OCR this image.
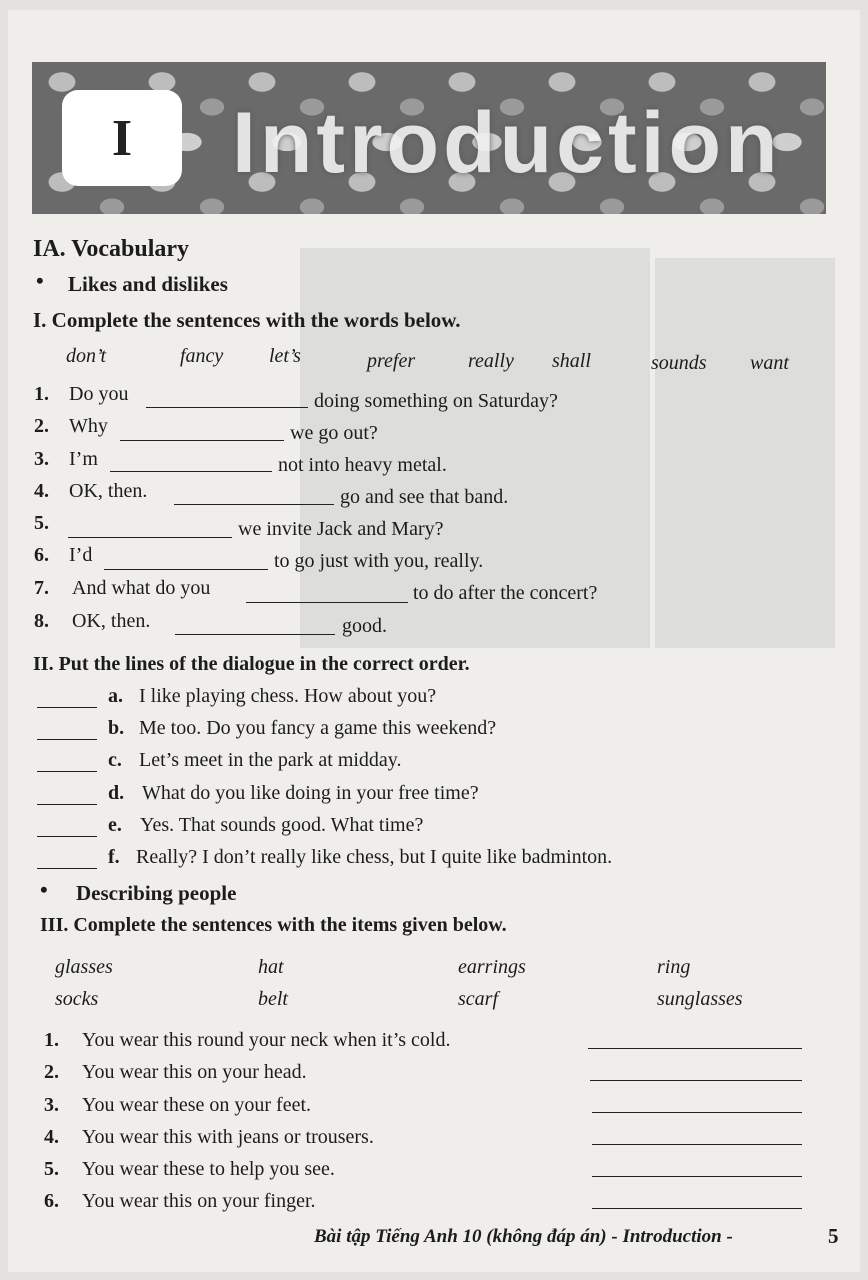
I	Introduction
IA. Vocabulary
• Likes and dislikes
I. Complete the sentences with the words below.
don’t	fancy let’s	prefer	really shall	sounds want
1. Do you	doing something on Saturday?
2. Why	we go out?
3. I’m	not into heavy metal.
4. OK, then.	go and see that band.
5.	we invite Jack and Mary?
6. I’d	to go just with you, really.
7. And what do you	to do after the concert?
8. OK, then.	good.
II. Put the lines of the dialogue in the correct order.
a. I like playing chess. How about you?
b. Me too. Do you fancy a game this weekend?
c. Let’s meet in the park at midday.
d. What do you like doing in your free time?
e. Yes. That sounds good. What time?
f. Really? I don’t really like chess, but I quite like badminton.
• Describing people
III. Complete the sentences with the items given below.
glasses	hat	earrings	ring
socks	belt	scarf	sunglasses
1. You wear this round your neck when it’s cold.
2. You wear this on your head.
3. You wear these on your feet.
4. You wear this with jeans or trousers.
5. You wear these to help you see.
6. You wear this on your finger.
Bài tập Tiếng Anh 10 (không đáp án) - Introduction -	5
